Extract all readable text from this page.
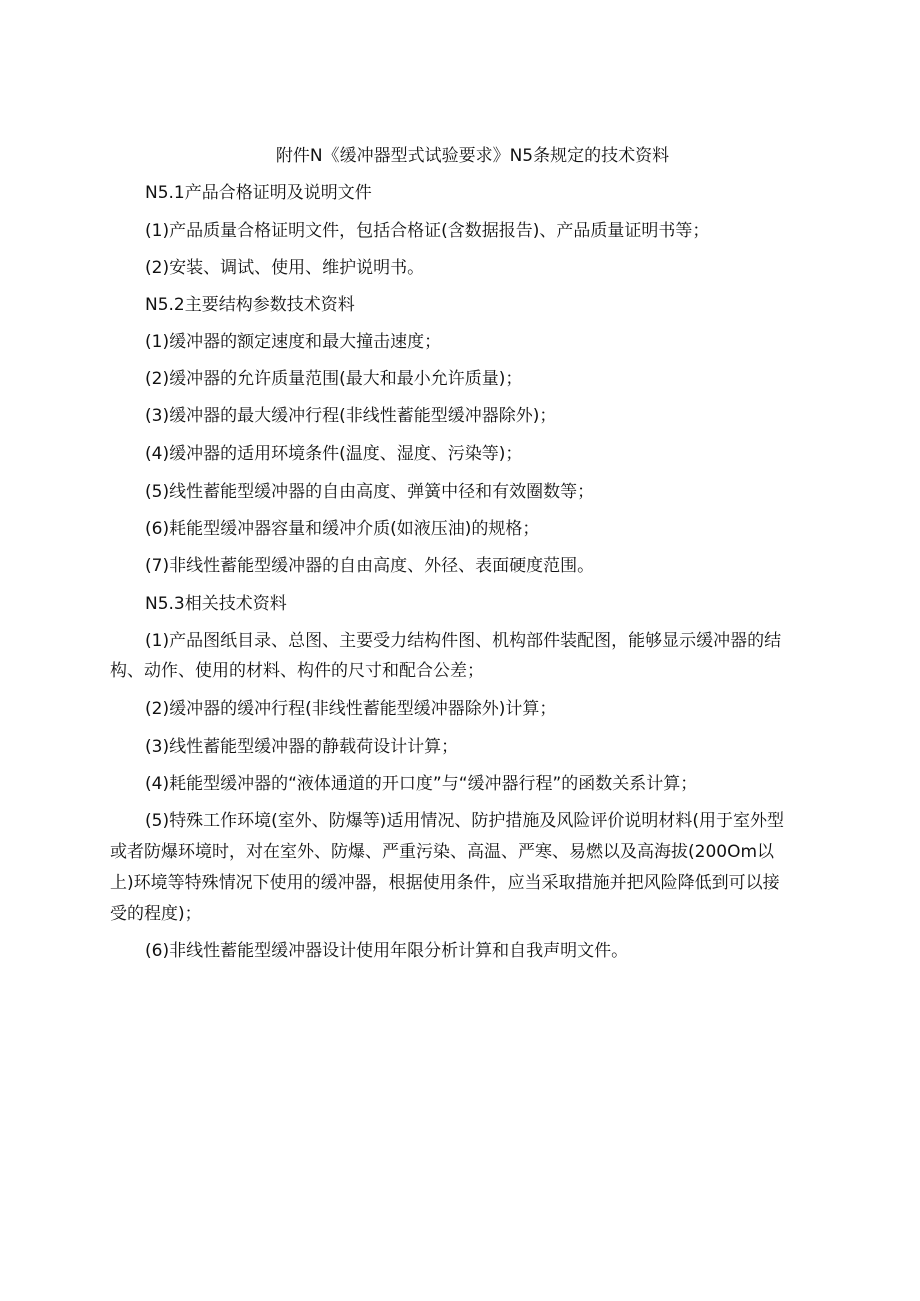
附件N《缓冲器型式试验要求》N5条规定的技术资料
N5.1产品合格证明及说明文件
(1)产品质量合格证明文件，包括合格证(含数据报告)、产品质量证明书等；
(2)安装、调试、使用、维护说明书。
N5.2主要结构参数技术资料
(1)缓冲器的额定速度和最大撞击速度；
(2)缓冲器的允许质量范围(最大和最小允许质量)；
(3)缓冲器的最大缓冲行程(非线性蓄能型缓冲器除外)；
(4)缓冲器的适用环境条件(温度、湿度、污染等)；
(5)线性蓄能型缓冲器的自由高度、弹簧中径和有效圈数等；
(6)耗能型缓冲器容量和缓冲介质(如液压油)的规格；
(7)非线性蓄能型缓冲器的自由高度、外径、表面硬度范围。
N5.3相关技术资料
(1)产品图纸目录、总图、主要受力结构件图、机构部件装配图，能够显示缓冲器的结
构、动作、使用的材料、构件的尺寸和配合公差；
(2)缓冲器的缓冲行程(非线性蓄能型缓冲器除外)计算；
(3)线性蓄能型缓冲器的静载荷设计计算；
(4)耗能型缓冲器的“液体通道的开口度”与“缓冲器行程”的函数关系计算；
(5)特殊工作环境(室外、防爆等)适用情况、防护措施及风险评价说明材料(用于室外型
或者防爆环境时，对在室外、防爆、严重污染、高温、严寒、易燃以及高海拔(200Om以
上)环境等特殊情况下使用的缓冲器，根据使用条件，应当采取措施并把风险降低到可以接
受的程度)；
(6)非线性蓄能型缓冲器设计使用年限分析计算和自我声明文件。
